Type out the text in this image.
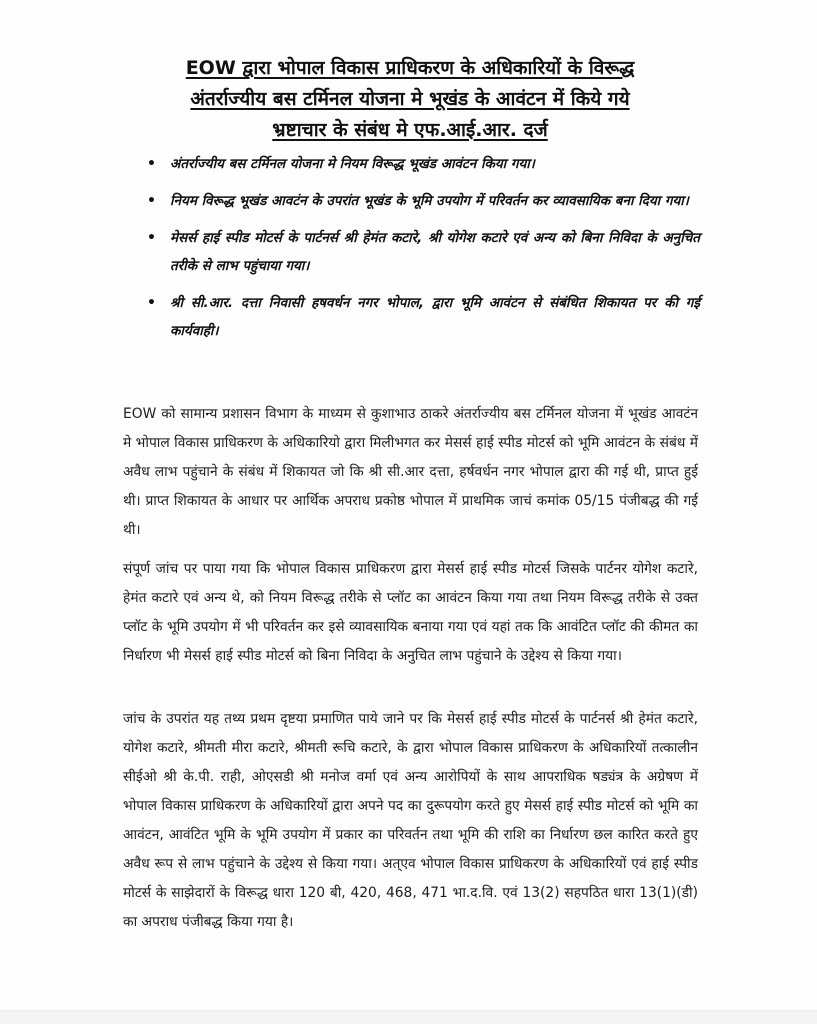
EOW द्वारा भोपाल विकास प्राधिकरण के अधिकारियों के विरूद्ध
अंतर्राज्यीय बस टर्मिनल योजना मे भूखंड के आवंटन में किये गये
भ्रष्टाचार के संबंध मे एफ.आई.आर. दर्ज
• अंतर्राज्यीय बस टर्मिनल योजना मे नियम विरूद्ध भूखंड आवंटन किया गया।
• नियम विरूद्ध भूखंड आवटंन के उपरांत भूखंड के भूमि उपयोग में परिवर्तन कर व्यावसायिक बना दिया गया।
• मेसर्स हाई स्पीड मोटर्स के पार्टनर्स श्री हेमंत कटारे, श्री योगेश कटारे एवं अन्य को बिना निविदा के अनुचित तरीके से लाभ पहुंचाया गया।
• श्री सी.आर. दत्ता निवासी हषवर्धन नगर भोपाल, द्वारा भूमि आवंटन से संबंधित शिकायत पर की गई कार्यवाही।

EOW को सामान्य प्रशासन विभाग के माध्यम से कुशाभाउ ठाकरे अंतर्राज्यीय बस टर्मिनल योजना में भूखंड आवटंन मे भोपाल विकास प्राधिकरण के अधिकारियो द्वारा मिलीभगत कर मेसर्स हाई स्पीड मोटर्स को भूमि आवंटन के संबंध में अवैध लाभ पहुंचाने के संबंध में शिकायत जो कि श्री सी.आर दत्ता, हर्षवर्धन नगर भोपाल द्वारा की गई थी, प्राप्त हुई थी। प्राप्त शिकायत के आधार पर आर्थिक अपराध प्रकोष्ठ भोपाल में प्राथमिक जाचं कमांक 05/15 पंजीबद्ध की गई थी।

संपूर्ण जांच पर पाया गया कि भोपाल विकास प्राधिकरण द्वारा मेसर्स हाई स्पीड मोटर्स जिसके पार्टनर योगेश कटारे, हेमंत कटारे एवं अन्य थे, को नियम विरूद्ध तरीके से प्लॉट का आवंटन किया गया तथा नियम विरूद्ध तरीके से उक्त प्लॉट के भूमि उपयोग में भी परिवर्तन कर इसे व्यावसायिक बनाया गया एवं यहां तक कि आवंटित प्लॉट की कीमत का निर्धारण भी मेसर्स हाई स्पीड मोटर्स को बिना निविदा के अनुचित लाभ पहुंचाने के उद्देश्य से किया गया।

जांच के उपरांत यह तथ्य प्रथम दृष्टया प्रमाणित पाये जाने पर कि मेसर्स हाई स्पीड मोटर्स के पार्टनर्स श्री हेमंत कटारे, योगेश कटारे, श्रीमती मीरा कटारे, श्रीमती रूचि कटारे, के द्वारा भोपाल विकास प्राधिकरण के अधिकारियों तत्कालीन सीईओ श्री के.पी. राही, ओएसडी श्री मनोज वर्मा एवं अन्य आरोपियों के साथ आपराधिक षड्यंत्र के अग्रेषण में भोपाल विकास प्राधिकरण के अधिकारियों द्वारा अपने पद का दुरूपयोग करते हुए मेसर्स हाई स्पीड मोटर्स को भूमि का आवंटन, आवंटित भूमि के भूमि उपयोग में प्रकार का परिवर्तन तथा भूमि की राशि का निर्धारण छल कारित करते हुए अवैध रूप से लाभ पहुंचाने के उद्देश्य से किया गया। अत्एव भोपाल विकास प्राधिकरण के अधिकारियों एवं हाई स्पीड मोटर्स के साझेदारों के विरूद्ध धारा 120 बी, 420, 468, 471 भा.द.वि. एवं 13(2) सहपठित धारा 13(1)(डी) का अपराध पंजीबद्ध किया गया है।
